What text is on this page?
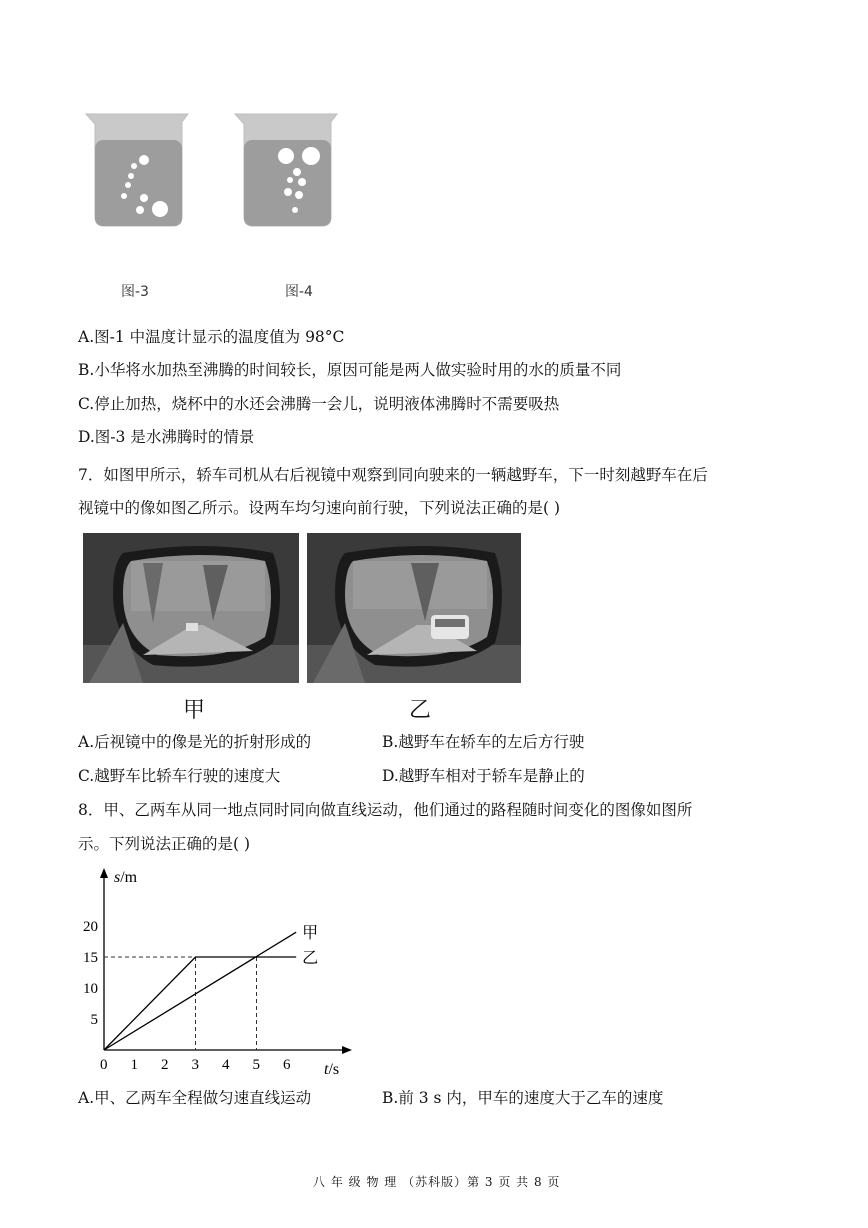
图-3	图-4
A.图-1 中温度计显示的温度值为 98°C
B.小华将水加热至沸腾的时间较长，原因可能是两人做实验时用的水的质量不同
C.停止加热，烧杯中的水还会沸腾一会儿，说明液体沸腾时不需要吸热
D.图-3 是水沸腾时的情景
7．如图甲所示，轿车司机从右后视镜中观察到同向驶来的一辆越野车，下一时刻越野车在后
视镜中的像如图乙所示。设两车均匀速向前行驶，下列说法正确的是( )
甲	乙
A.后视镜中的像是光的折射形成的	B.越野车在轿车的左后方行驶
C.越野车比轿车行驶的速度大	D.越野车相对于轿车是静止的
8．甲、乙两车从同一地点同时同向做直线运动，他们通过的路程随时间变化的图像如图所
示。下列说法正确的是( )
s/m
t/s
0 1 2 3 4 5 6
5
10
15
20	甲
乙
A.甲、乙两车全程做匀速直线运动	B.前 3 s 内，甲车的速度大于乙车的速度
八 年 级 物 理 （苏科版）第 3 页 共 8 页
